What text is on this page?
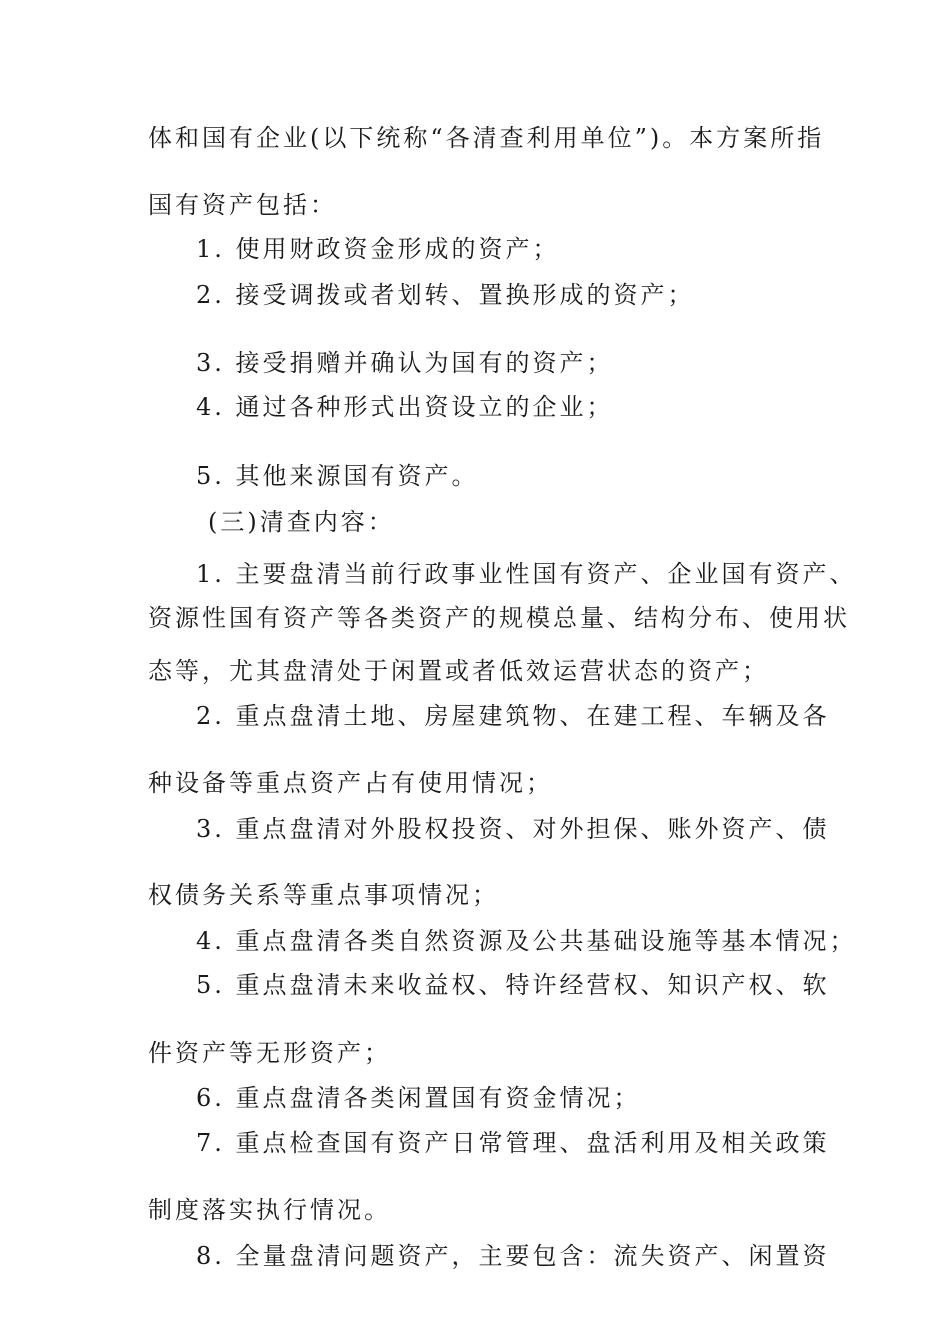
体和国有企业(以下统称“各清查利用单位”)。本方案所指
国有资产包括：
1. 使用财政资金形成的资产；
2. 接受调拨或者划转、置换形成的资产；
3. 接受捐赠并确认为国有的资产；
4. 通过各种形式出资设立的企业；
5. 其他来源国有资产。
(三)清查内容：
1. 主要盘清当前行政事业性国有资产、企业国有资产、
资源性国有资产等各类资产的规模总量、结构分布、使用状
态等，尤其盘清处于闲置或者低效运营状态的资产；
2. 重点盘清土地、房屋建筑物、在建工程、车辆及各
种设备等重点资产占有使用情况；
3. 重点盘清对外股权投资、对外担保、账外资产、债
权债务关系等重点事项情况；
4. 重点盘清各类自然资源及公共基础设施等基本情况；
5. 重点盘清未来收益权、特许经营权、知识产权、软
件资产等无形资产；
6. 重点盘清各类闲置国有资金情况；
7. 重点检查国有资产日常管理、盘活利用及相关政策
制度落实执行情况。
8. 全量盘清问题资产，主要包含：流失资产、闲置资
